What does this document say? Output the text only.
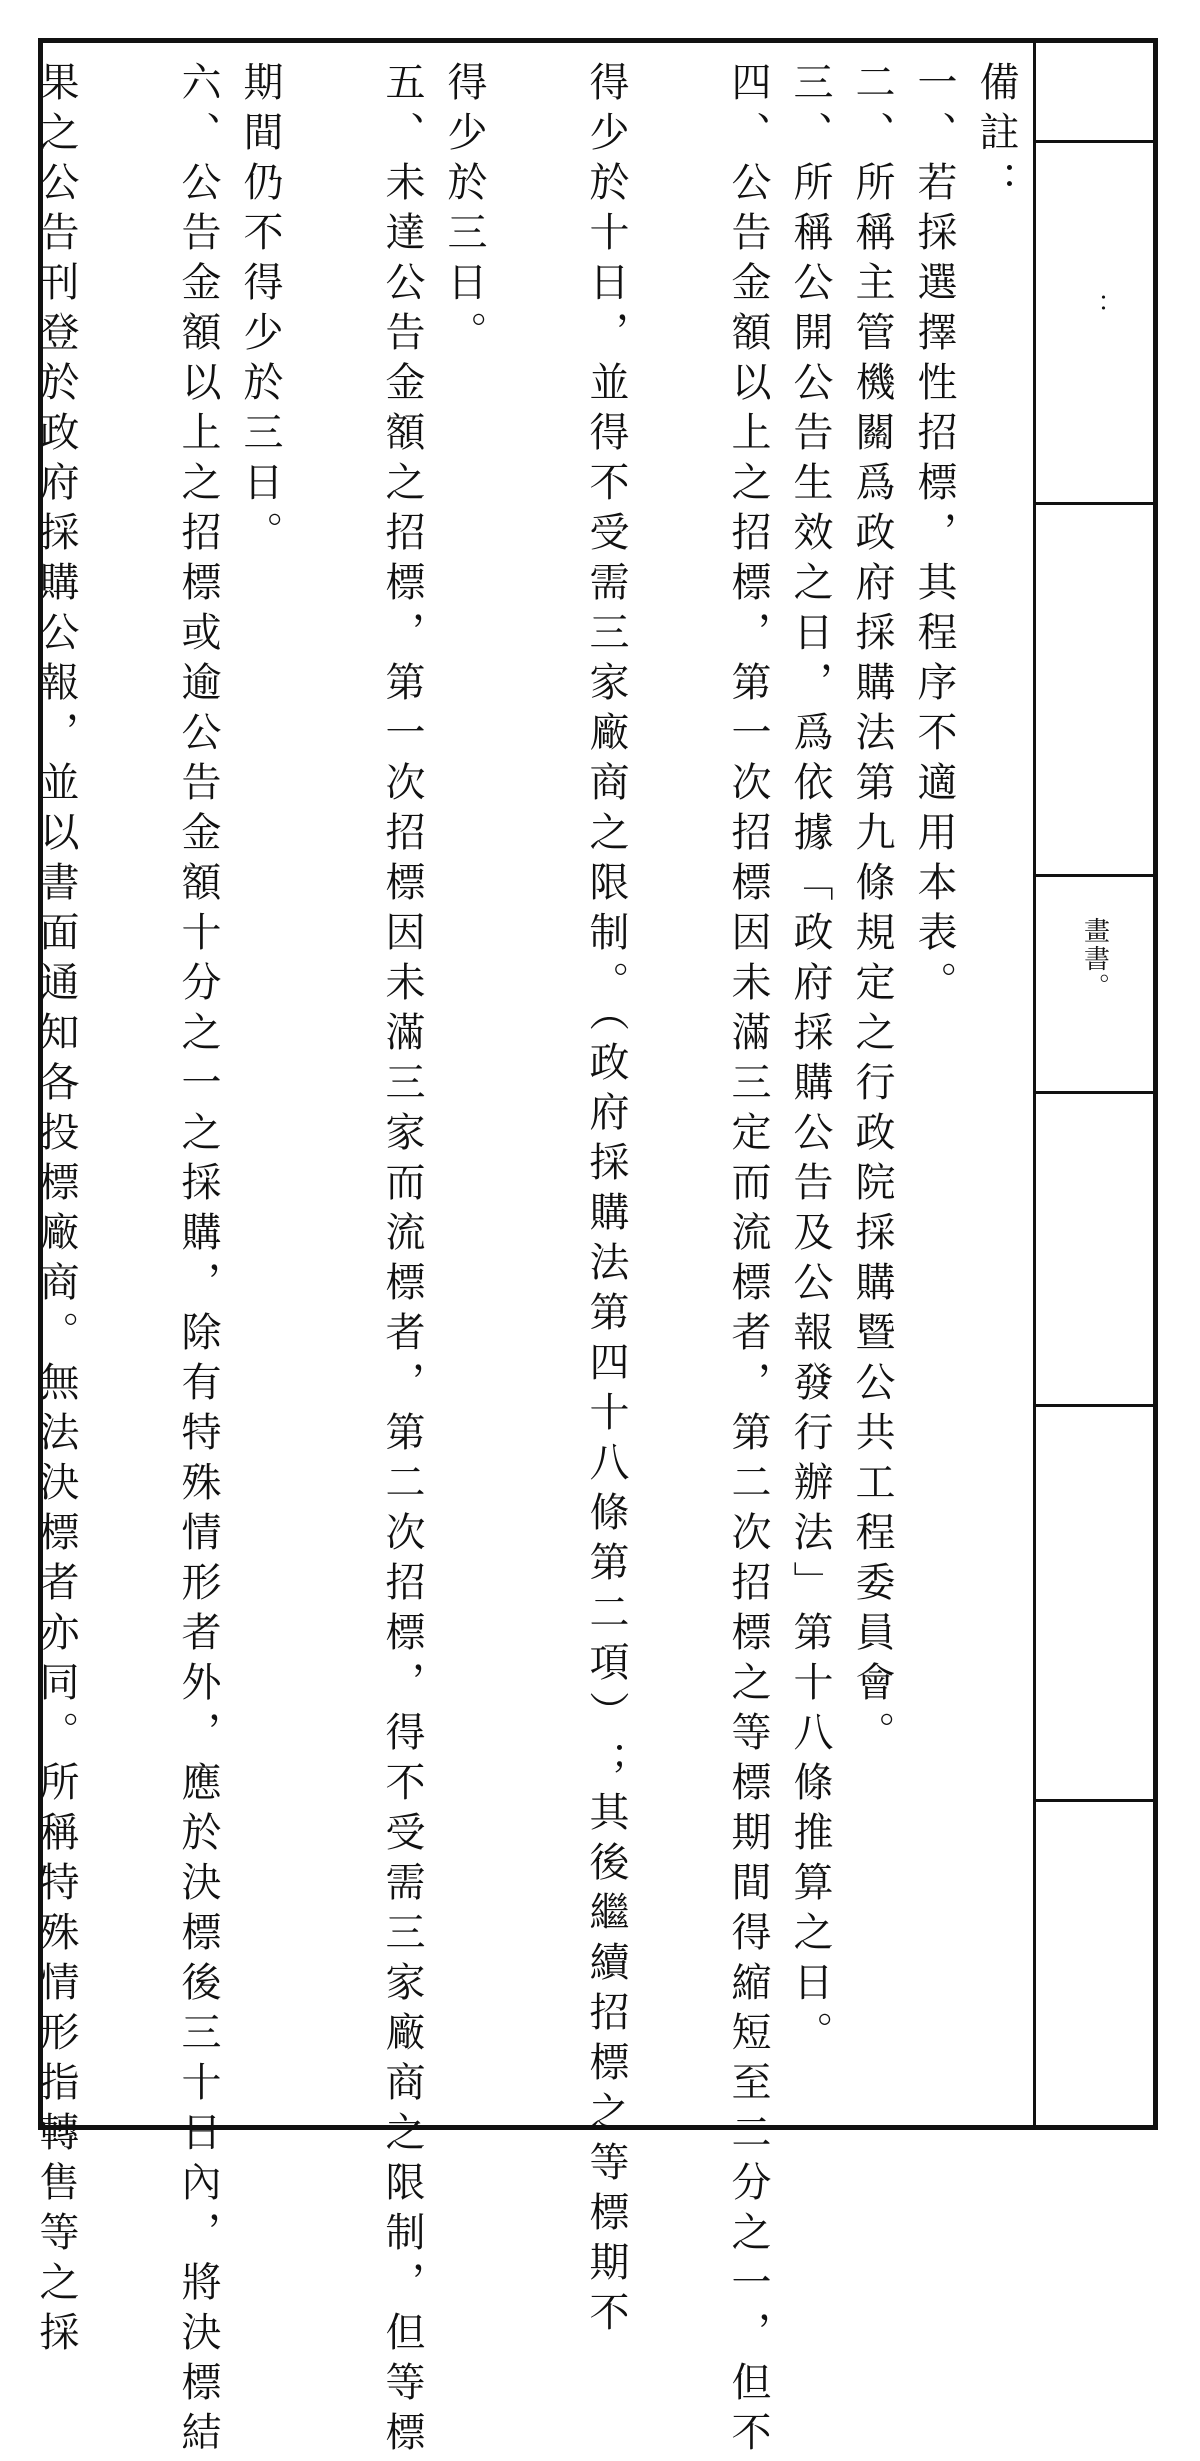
備註：
一、若採選擇性招標，其程序不適用本表。
二、所稱主管機關爲政府採購法第九條規定之行政院採購暨公共工程委員會。
三、所稱公開公告生效之日，爲依據「政府採購公告及公報發行辦法」第十八條推算之日。
四、公告金額以上之招標，第一次招標因未滿三定而流標者，第二次招標之等標期間得縮短至二分之一，但不
得少於十日，並得不受需三家廠商之限制。（政府採購法第四十八條第二項）；其後繼續招標之等標期不
得少於三日。
五、未達公告金額之招標，第一次招標因未滿三家而流標者，第二次招標，得不受需三家廠商之限制，但等標
期間仍不得少於三日。
六、公告金額以上之招標或逾公告金額十分之一之採購，除有特殊情形者外，應於決標後三十日內，將決標結
果之公告刊登於政府採購公報，並以書面通知各投標廠商。無法決標者亦同。所稱特殊情形指轉售等之採	：
畫書。
